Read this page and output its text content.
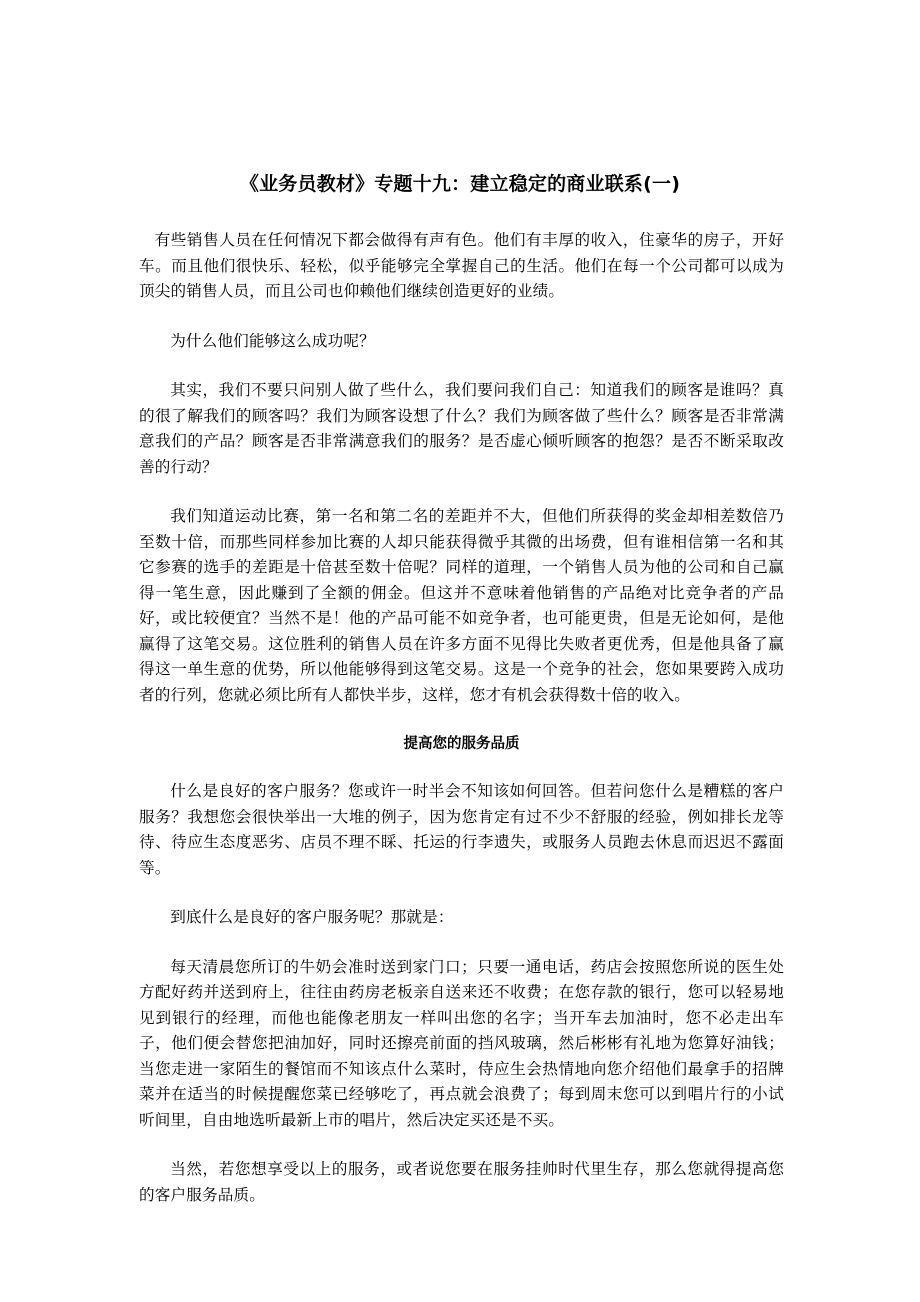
《业务员教材》专题十九：建立稳定的商业联系(一)

有些销售人员在任何情况下都会做得有声有色。他们有丰厚的收入，住豪华的房子，开好车。而且他们很快乐、轻松，似乎能够完全掌握自己的生活。他们在每一个公司都可以成为顶尖的销售人员，而且公司也仰赖他们继续创造更好的业绩。

为什么他们能够这么成功呢？

其实，我们不要只问别人做了些什么，我们要问我们自己：知道我们的顾客是谁吗？真的很了解我们的顾客吗？我们为顾客设想了什么？我们为顾客做了些什么？顾客是否非常满意我们的产品？顾客是否非常满意我们的服务？是否虚心倾听顾客的抱怨？是否不断采取改善的行动？

我们知道运动比赛，第一名和第二名的差距并不大，但他们所获得的奖金却相差数倍乃至数十倍，而那些同样参加比赛的人却只能获得微乎其微的出场费，但有谁相信第一名和其它参赛的选手的差距是十倍甚至数十倍呢？同样的道理，一个销售人员为他的公司和自己赢得一笔生意，因此赚到了全额的佣金。但这并不意味着他销售的产品绝对比竞争者的产品好，或比较便宜？当然不是！他的产品可能不如竞争者，也可能更贵，但是无论如何，是他赢得了这笔交易。这位胜利的销售人员在许多方面不见得比失败者更优秀，但是他具备了赢得这一单生意的优势，所以他能够得到这笔交易。这是一个竞争的社会，您如果要跨入成功者的行列，您就必须比所有人都快半步，这样，您才有机会获得数十倍的收入。

提高您的服务品质

什么是良好的客户服务？您或许一时半会不知该如何回答。但若问您什么是糟糕的客户服务？我想您会很快举出一大堆的例子，因为您肯定有过不少不舒服的经验，例如排长龙等待、待应生态度恶劣、店员不理不睬、托运的行李遗失，或服务人员跑去休息而迟迟不露面等。

到底什么是良好的客户服务呢？那就是：

每天清晨您所订的牛奶会准时送到家门口；只要一通电话，药店会按照您所说的医生处方配好药并送到府上，往往由药房老板亲自送来还不收费；在您存款的银行，您可以轻易地见到银行的经理，而他也能像老朋友一样叫出您的名字；当开车去加油时，您不必走出车子，他们便会替您把油加好，同时还擦亮前面的挡风玻璃，然后彬彬有礼地为您算好油钱；当您走进一家陌生的餐馆而不知该点什么菜时，侍应生会热情地向您介绍他们最拿手的招牌菜并在适当的时候提醒您菜已经够吃了，再点就会浪费了；每到周末您可以到唱片行的小试听间里，自由地选听最新上市的唱片，然后决定买还是不买。

当然，若您想享受以上的服务，或者说您要在服务挂帅时代里生存，那么您就得提高您的客户服务品质。
